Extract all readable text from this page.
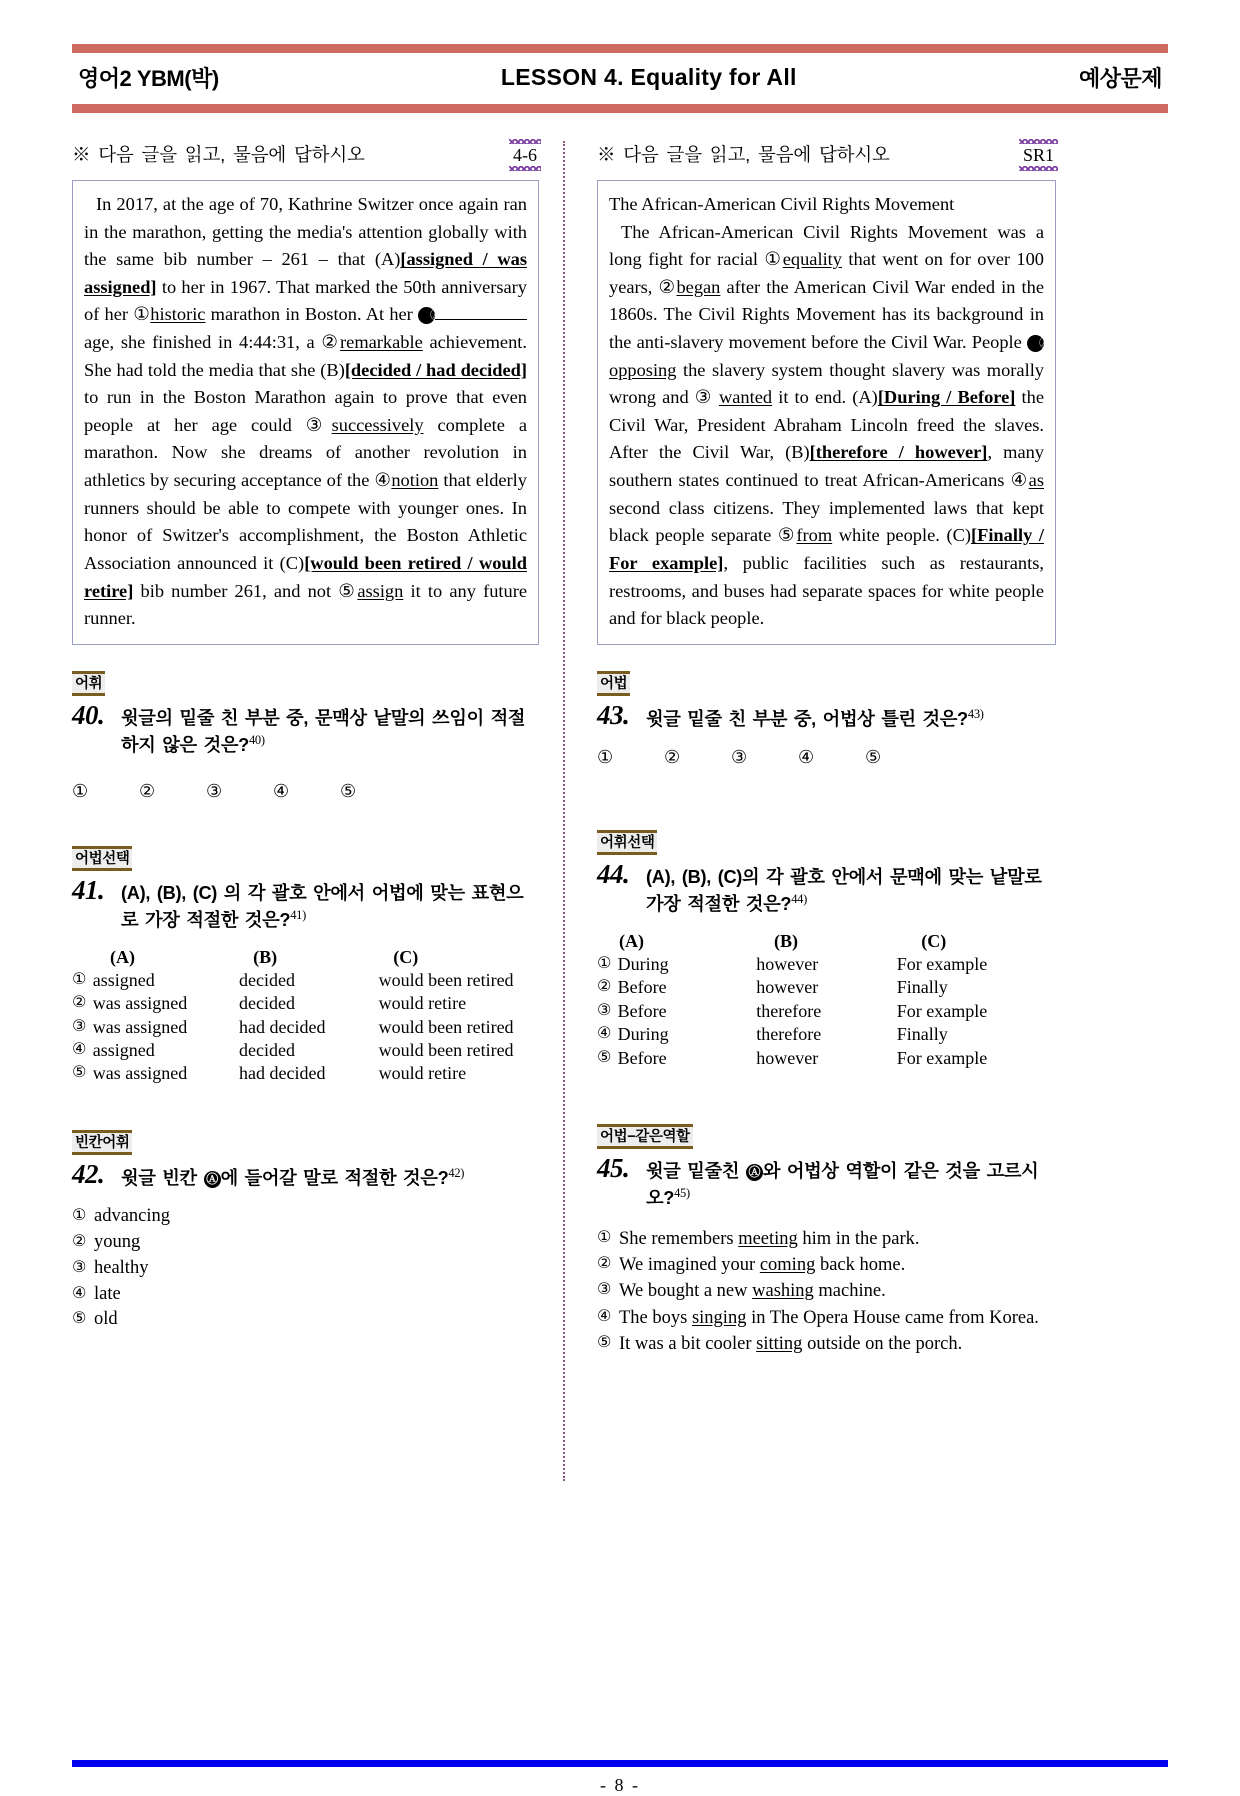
영어2 YBM(박)	LESSON 4. Equality for All	예상문제
※ 다음 글을 읽고, 물음에 답하시오	4-6

In 2017, at the age of 70, Kathrine Switzer once again ran in the marathon, getting the media's attention globally with the same bib number ‒ 261 ‒ that (A)[assigned / was assigned] to her in 1967. That marked the 50th anniversary of her ①historic marathon in Boston. At her Ⓐ age, she finished in 4:44:31, a ②remarkable achievement. She had told the media that she (B)[decided / had decided] to run in the Boston Marathon again to prove that even people at her age could ③successively complete a marathon. Now she dreams of another revolution in athletics by securing acceptance of the ④notion that elderly runners should be able to compete with younger ones. In honor of Switzer's accomplishment, the Boston Athletic Association announced it (C)[would been retired / would retire] bib number 261, and not ⑤assign it to any future runner.

어휘
40. 윗글의 밑줄 친 부분 중, 문맥상 낱말의 쓰임이 적절하지 않은 것은?$^{40)}$
①	②	③	④	⑤
어법선택
41. (A), (B), (C) 의 각 괄호 안에서 어법에 맞는 표현으로 가장 적절한 것은?$^{41)}$
(A)	(B)	(C)
① assigned	decided	would been retired
② was assigned	decided	would retire
③ was assigned	had decided	would been retired
④ assigned	decided	would been retired
⑤ was assigned	had decided	would retire
빈칸어휘
42. 윗글 빈칸 Ⓐ 에 들어갈 말로 적절한 것은?$^{42)}$
① advancing
② young
③ healthy
④ late
⑤ old
※ 다음 글을 읽고, 물음에 답하시오	SR1

The African-American Civil Rights Movement

The African-American Civil Rights Movement was a long fight for racial ①equality that went on for over 100 years, ②began after the American Civil War ended in the 1860s. The Civil Rights Movement has its background in the anti-slavery movement before the Civil War. People Ⓐopposing the slavery system thought slavery was morally wrong and ③ wanted it to end. (A)[During / Before] the Civil War, President Abraham Lincoln freed the slaves. After the Civil War, (B)[therefore / however], many southern states continued to treat African-Americans ④as second class citizens. They implemented laws that kept black people separate ⑤from white people. (C)[Finally / For example], public facilities such as restaurants, restrooms, and buses had separate spaces for white people and for black people.

어법
43. 윗글 밑줄 친 부분 중, 어법상 틀린 것은?$^{43)}$
①	②	③	④	⑤
어휘선택
44. (A), (B), (C)의 각 괄호 안에서 문맥에 맞는 낱말로 가장 적절한 것은?$^{44)}$
(A)	(B)	(C)
① During	however	For example
② Before	however	Finally
③ Before	therefore	For example
④ During	therefore	Finally
⑤ Before	however	For example
어법−같은역할
45. 윗글 밑줄친 Ⓐ 와 어법상 역할이 같은 것을 고르시오?$^{45)}$
① She remembers meeting him in the park.
② We imagined your coming back home.
③ We bought a new washing machine.
④ The boys singing in The Opera House came from Korea.
⑤ It was a bit cooler sitting outside on the porch.
- 8 -
